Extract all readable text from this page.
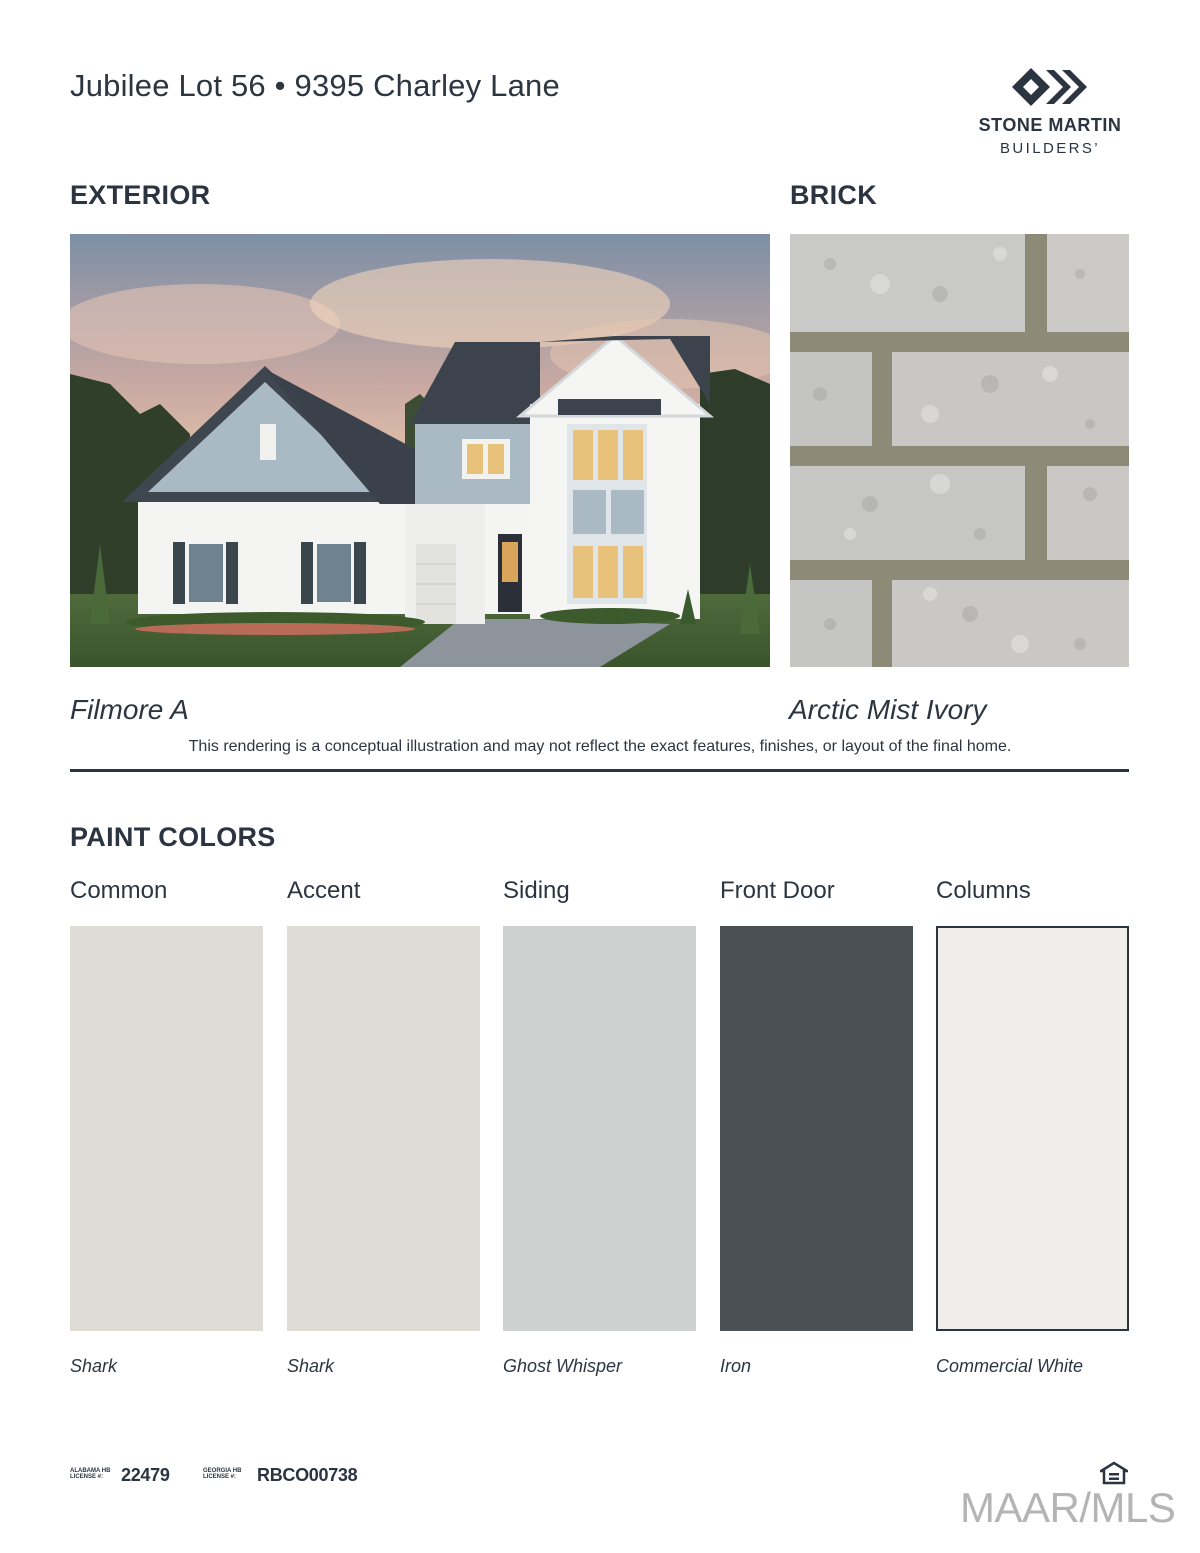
Jubilee Lot 56 • 9395 Charley Lane
STONE MARTIN
BUILDERS’
EXTERIOR	BRICK
Filmore A	Arctic Mist Ivory
This rendering is a conceptual illustration and may not reflect the exact features, finishes, or layout of the final home.
PAINT COLORS
Common	Accent	Siding	Front Door	Columns
Shark	Shark	Ghost Whisper	Iron	Commercial White
ALABAMA HB
LICENSE #: 22479	GEORGIA HB
LICENSE #:	RBCO00738
MAAR/MLS
